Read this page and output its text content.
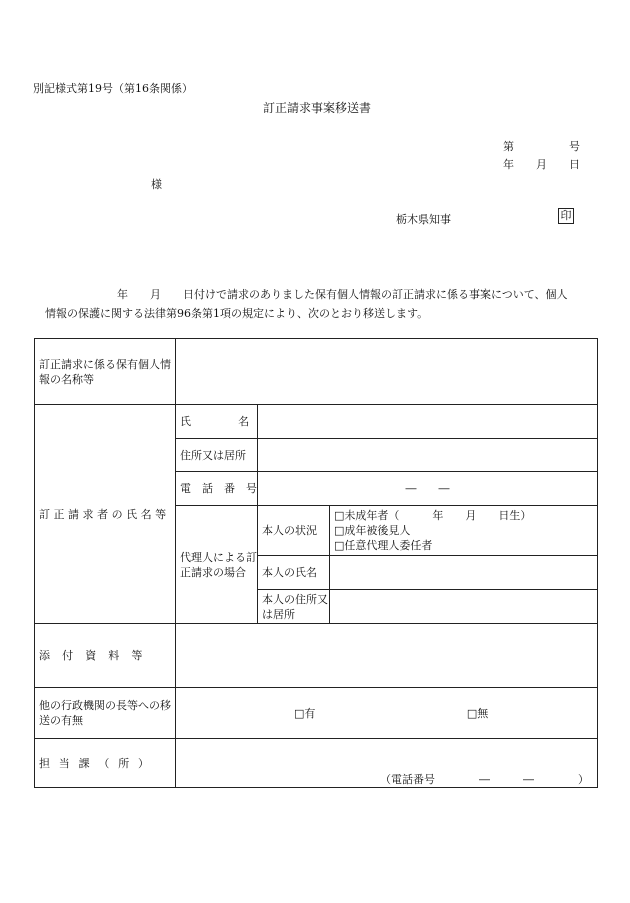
別記様式第19号（第16条関係）
訂正請求事案移送書
第　　　　　号
年　　月　　日
様
栃木県知事	印
年　　月　　日付けで請求のありました保有個人情報の訂正請求に係る事案について、個人
情報の保護に関する法律第96条第1項の規定により、次のとおり移送します。
訂正請求に係る保有個人情報の名称等			
訂正請求者の氏名等	氏　　　名		
	住所又は居所		
	電　話　番　号	―　　―	
	代理人による訂正請求の場合	本人の状況	□未成年者（　　　年　　月　　日生）
□成年被後見人
□任意代理人委任者

		本人の氏名	
		本人の住所又は居所	
添付資料等			
他の行政機関の長等への移送の有無	□有 □無		
担当課（所）	（電話番号　　　　―　　　―　　　　）		
